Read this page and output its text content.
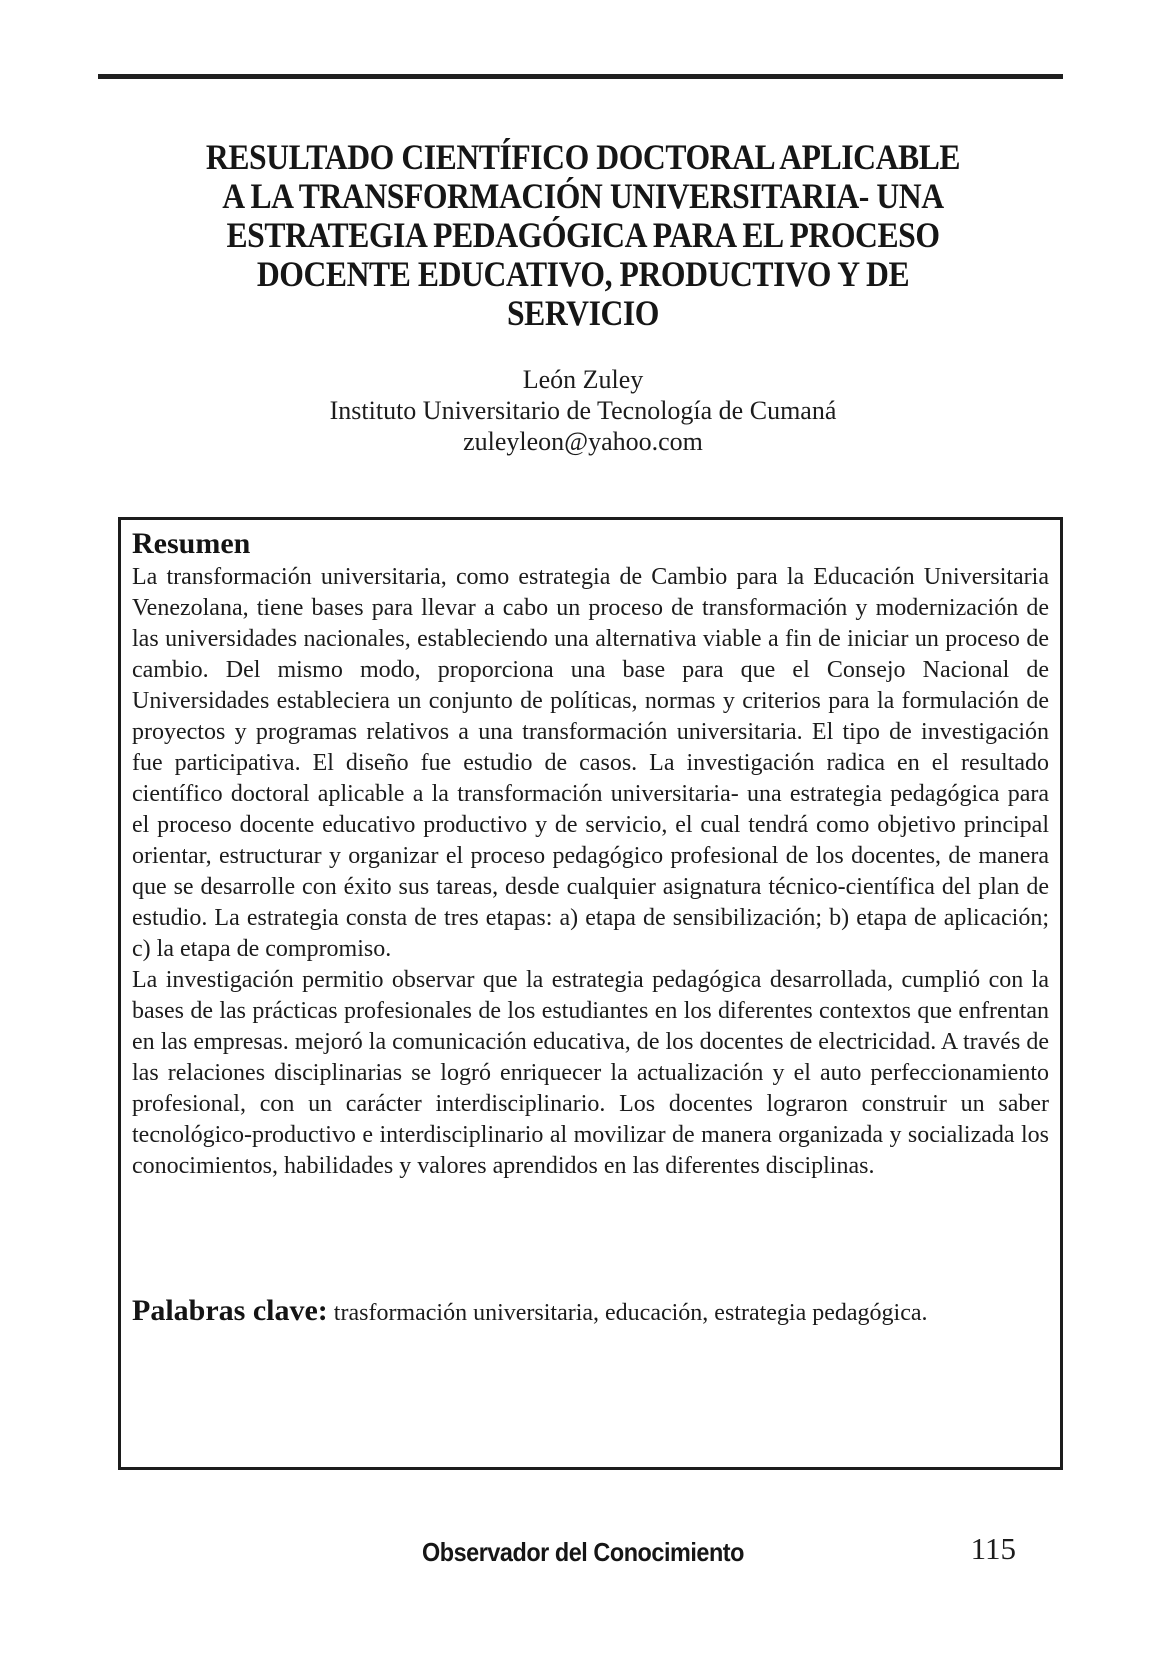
RESULTADO CIENTÍFICO DOCTORAL APLICABLE
A LA TRANSFORMACIÓN UNIVERSITARIA- UNA
ESTRATEGIA PEDAGÓGICA PARA EL PROCESO
DOCENTE EDUCATIVO, PRODUCTIVO Y DE
SERVICIO
León Zuley
Instituto Universitario de Tecnología de Cumaná
zuleyleon@yahoo.com
Resumen

La transformación universitaria, como estrategia de Cambio para la Educación Universitaria Venezolana, tiene bases para llevar a cabo un proceso de transformación y modernización de las universidades nacionales, estableciendo una alternativa viable a fin de iniciar un proceso de cambio. Del mismo modo, proporciona una base para que el Consejo Nacional de Universidades estableciera un conjunto de políticas, normas y criterios para la formulación de proyectos y programas relativos a una transformación universitaria. El tipo de investigación fue participativa. El diseño fue estudio de casos. La investigación radica en el resultado científico doctoral aplicable a la transformación universitaria- una estrategia pedagógica para el proceso docente educativo productivo y de servicio, el cual tendrá como objetivo principal orientar, estructurar y organizar el proceso pedagógico profesional de los docentes, de manera que se desarrolle con éxito sus tareas, desde cualquier asignatura técnico-científica del plan de estudio. La estrategia consta de tres etapas: a) etapa de sensibilización; b) etapa de aplicación; c) la etapa de compromiso.

La investigación permitio observar que la estrategia pedagógica desarrollada, cumplió con la bases de las prácticas profesionales de los estudiantes en los diferentes contextos que enfrentan en las empresas. mejoró la comunicación educativa, de los docentes de electricidad. A través de las relaciones disciplinarias se logró enriquecer la actualización y el auto perfeccionamiento profesional, con un carácter interdisciplinario. Los docentes lograron construir un saber tecnológico-productivo e interdisciplinario al movilizar de manera organizada y socializada los conocimientos, habilidades y valores aprendidos en las diferentes disciplinas.

Palabras clave: trasformación universitaria, educación, estrategia pedagógica.

Observador del Conocimiento	115
